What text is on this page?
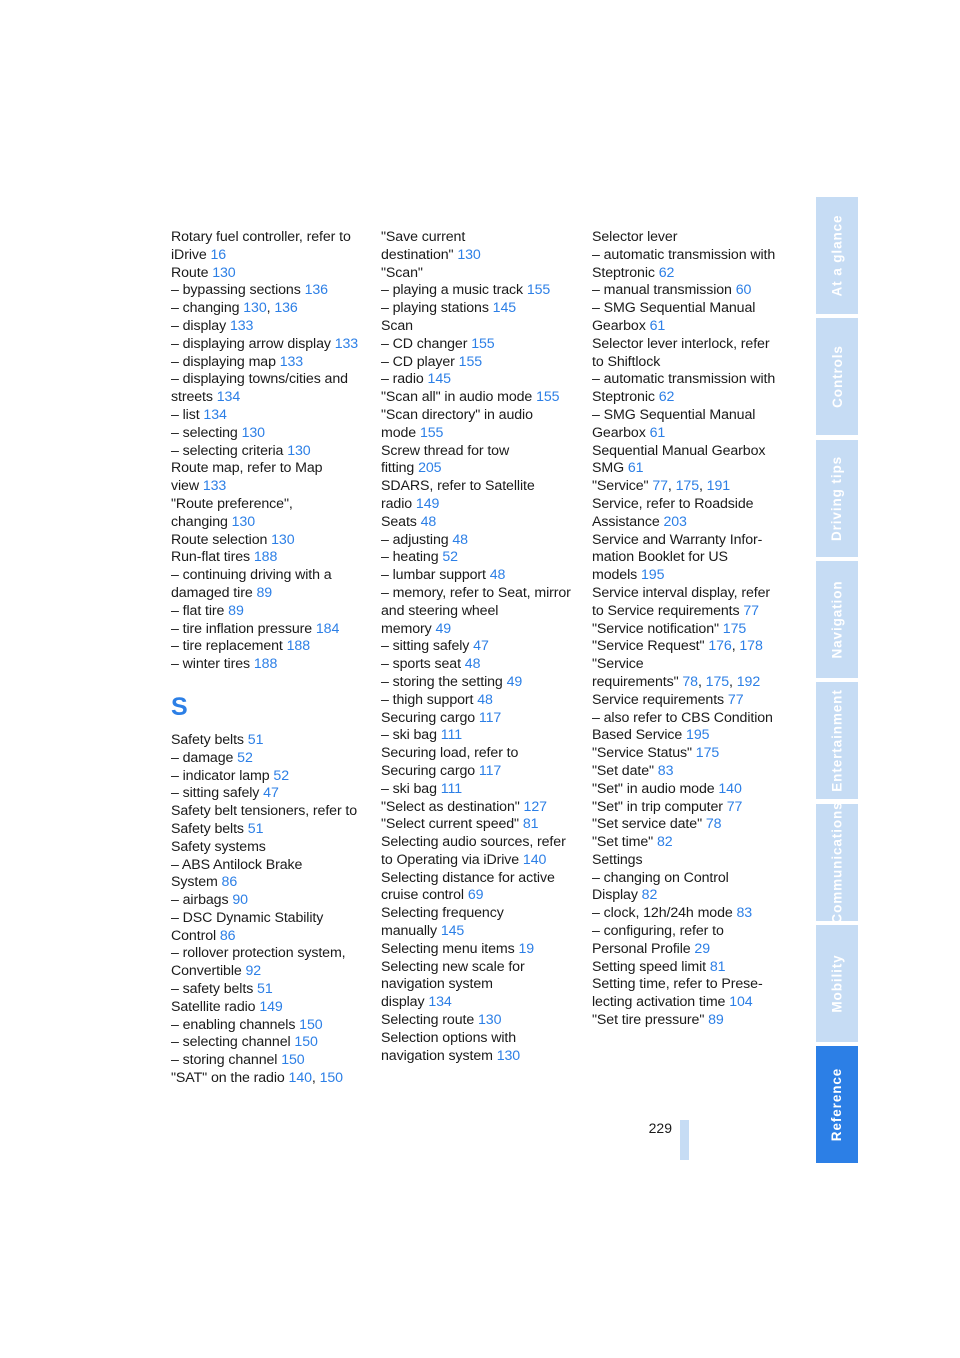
Rotary fuel controller, refer to
iDrive 16
Route 130
– bypassing sections 136
– changing 130, 136
– display 133
– displaying arrow display 133
– displaying map 133
– displaying towns/cities and
streets 134
– list 134
– selecting 130
– selecting criteria 130
Route map, refer to Map
view 133
"Route preference",
changing 130
Route selection 130
Run-flat tires 188
– continuing driving with a
damaged tire 89
– flat tire 89
– tire inflation pressure 184
– tire replacement 188
– winter tires 188
S
Safety belts 51
– damage 52
– indicator lamp 52
– sitting safely 47
Safety belt tensioners, refer to
Safety belts 51
Safety systems
– ABS Antilock Brake
System 86
– airbags 90
– DSC Dynamic Stability
Control 86
– rollover protection system,
Convertible 92
– safety belts 51
Satellite radio 149
– enabling channels 150
– selecting channel 150
– storing channel 150
"SAT" on the radio 140, 150
"Save current
destination" 130
"Scan"
– playing a music track 155
– playing stations 145
Scan
– CD changer 155
– CD player 155
– radio 145
"Scan all" in audio mode 155
"Scan directory" in audio
mode 155
Screw thread for tow
fitting 205
SDARS, refer to Satellite
radio 149
Seats 48
– adjusting 48
– heating 52
– lumbar support 48
– memory, refer to Seat, mirror
and steering wheel
memory 49
– sitting safely 47
– sports seat 48
– storing the setting 49
– thigh support 48
Securing cargo 117
– ski bag 111
Securing load, refer to
Securing cargo 117
– ski bag 111
"Select as destination" 127
"Select current speed" 81
Selecting audio sources, refer
to Operating via iDrive 140
Selecting distance for active
cruise control 69
Selecting frequency
manually 145
Selecting menu items 19
Selecting new scale for
navigation system
display 134
Selecting route 130
Selection options with
navigation system 130
Selector lever
– automatic transmission with
Steptronic 62
– manual transmission 60
– SMG Sequential Manual
Gearbox 61
Selector lever interlock, refer
to Shiftlock
– automatic transmission with
Steptronic 62
– SMG Sequential Manual
Gearbox 61
Sequential Manual Gearbox
SMG 61
"Service" 77, 175, 191
Service, refer to Roadside
Assistance 203
Service and Warranty Infor-
mation Booklet for US
models 195
Service interval display, refer
to Service requirements 77
"Service notification" 175
"Service Request" 176, 178
"Service
requirements" 78, 175, 192
Service requirements 77
– also refer to CBS Condition
Based Service 195
"Service Status" 175
"Set date" 83
"Set" in audio mode 140
"Set" in trip computer 77
"Set service date" 78
"Set time" 82
Settings
– changing on Control
Display 82
– clock, 12h/24h mode 83
– configuring, refer to
Personal Profile 29
Setting speed limit 81
Setting time, refer to Prese-
lecting activation time 104
"Set tire pressure" 89
229
At a glance
Controls
Driving tips
Navigation
Entertainment
Communications
Mobility
Reference
